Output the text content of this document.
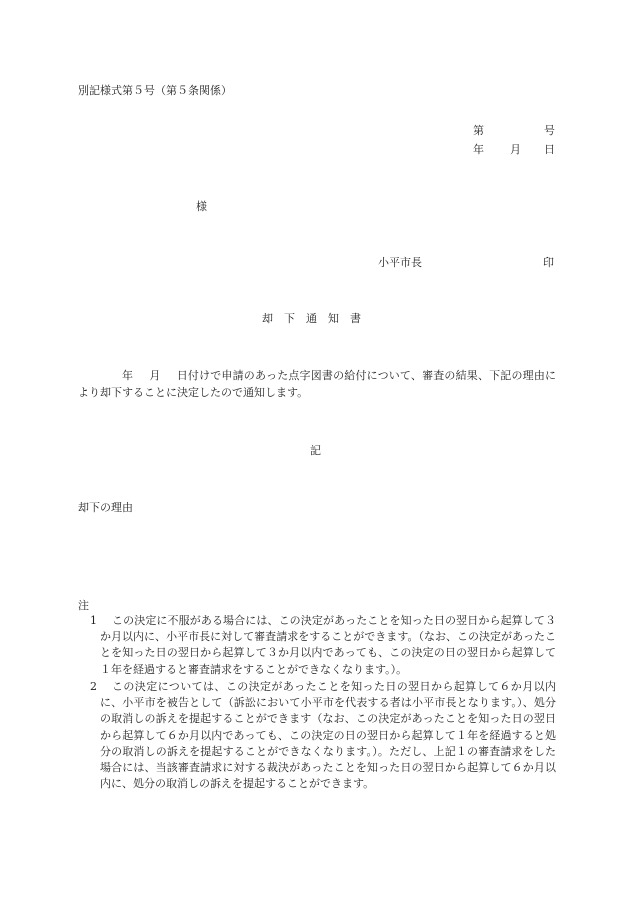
別記様式第５号（第５条関係）
第	号
年 月 日
様
小平市長	印
却下通知書
年 月 日付けで申請のあった点字図書の給付について、審査の結果、下記の理由により却下することに決定したので通知します。
記
却下の理由
注
1	この決定に不服がある場合には、この決定があったことを知った日の翌日から起算して３か月以内に、小平市長に対して審査請求をすることができます。（なお、この決定があったことを知った日の翌日から起算して３か月以内であっても、この決定の日の翌日から起算して１年を経過すると審査請求をすることができなくなります。）。
2	この決定については、この決定があったことを知った日の翌日から起算して６か月以内に、小平市を被告として（訴訟において小平市を代表する者は小平市長となります。）、処分の取消しの訴えを提起することができます（なお、この決定があったことを知った日の翌日から起算して６か月以内であっても、この決定の日の翌日から起算して１年を経過すると処分の取消しの訴えを提起することができなくなります。）。ただし、上記１の審査請求をした場合には、当該審査請求に対する裁決があったことを知った日の翌日から起算して６か月以内に、処分の取消しの訴えを提起することができます。
